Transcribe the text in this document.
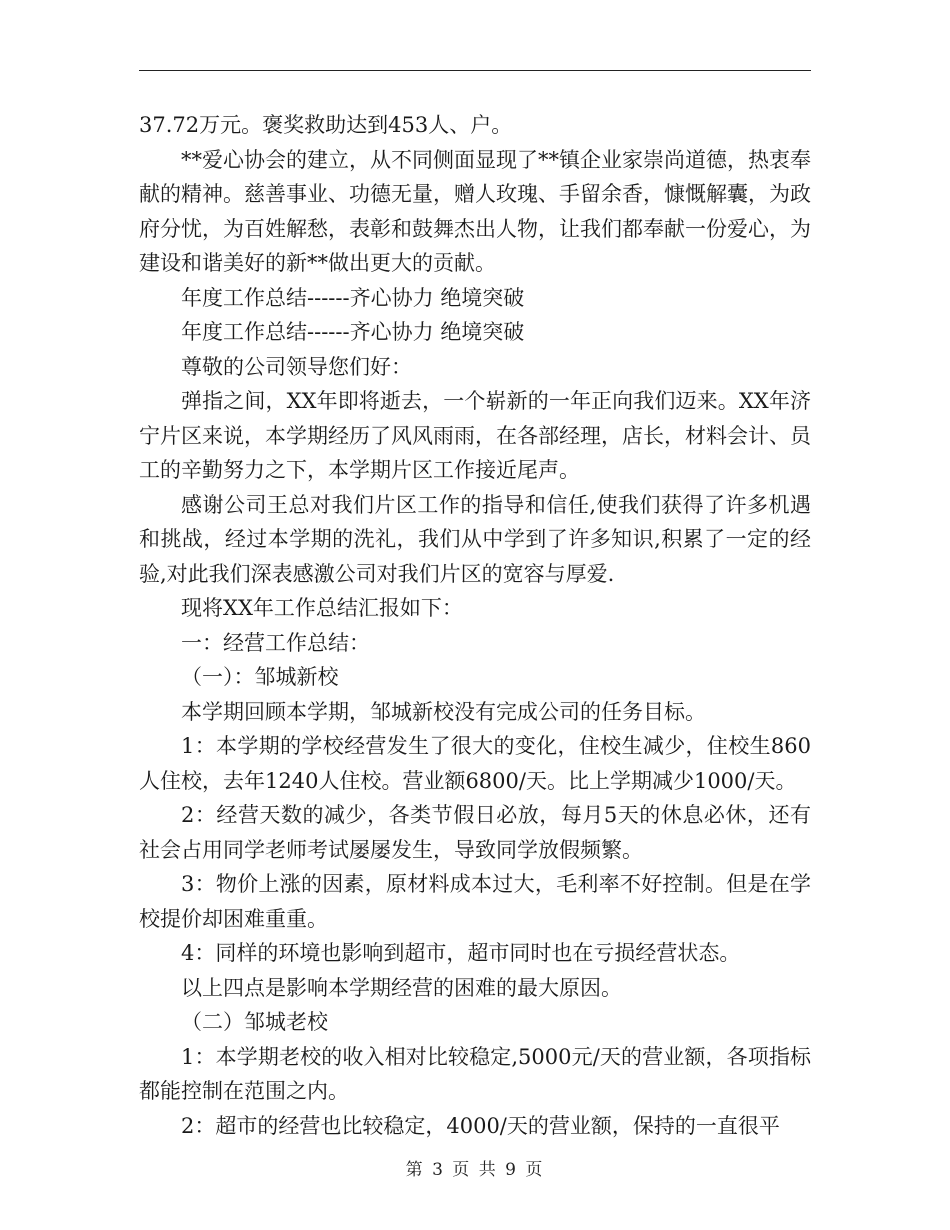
37.72万元。褒奖救助达到453人、户。

**爱心协会的建立，从不同侧面显现了**镇企业家崇尚道德，热衷奉献的精神。慈善事业、功德无量，赠人玫瑰、手留余香，慷慨解囊，为政府分忧，为百姓解愁，表彰和鼓舞杰出人物，让我们都奉献一份爱心，为建设和谐美好的新**做出更大的贡献。

年度工作总结------齐心协力 绝境突破

年度工作总结------齐心协力 绝境突破

尊敬的公司领导您们好：

弹指之间，XX年即将逝去，一个崭新的一年正向我们迈来。XX年济宁片区来说，本学期经历了风风雨雨，在各部经理，店长，材料会计、员工的辛勤努力之下，本学期片区工作接近尾声。

感谢公司王总对我们片区工作的指导和信任,使我们获得了许多机遇和挑战，经过本学期的洗礼，我们从中学到了许多知识,积累了一定的经验,对此我们深表感激公司对我们片区的宽容与厚爱.

现将XX年工作总结汇报如下：

一：经营工作总结：

（一）：邹城新校

本学期回顾本学期，邹城新校没有完成公司的任务目标。

1：本学期的学校经营发生了很大的变化，住校生减少，住校生860人住校，去年1240人住校。营业额6800/天。比上学期减少1000/天。

2：经营天数的减少，各类节假日必放，每月5天的休息必休，还有社会占用同学老师考试屡屡发生，导致同学放假频繁。

3：物价上涨的因素，原材料成本过大，毛利率不好控制。但是在学校提价却困难重重。

4：同样的环境也影响到超市，超市同时也在亏损经营状态。

以上四点是影响本学期经营的困难的最大原因。

（二）邹城老校

1：本学期老校的收入相对比较稳定,5000元/天的营业额，各项指标都能控制在范围之内。

2：超市的经营也比较稳定，4000/天的营业额，保持的一直很平

第 3 页 共 9 页
